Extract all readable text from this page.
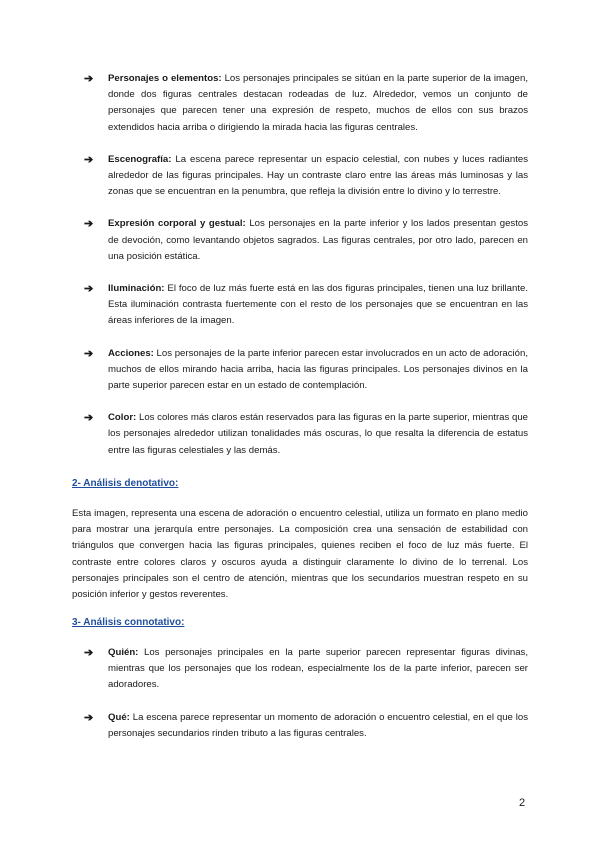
➔ Personajes o elementos: Los personajes principales se sitúan en la parte superior de la imagen, donde dos figuras centrales destacan rodeadas de luz. Alrededor, vemos un conjunto de personajes que parecen tener una expresión de respeto, muchos de ellos con sus brazos extendidos hacia arriba o dirigiendo la mirada hacia las figuras centrales.

➔ Escenografía: La escena parece representar un espacio celestial, con nubes y luces radiantes alrededor de las figuras principales. Hay un contraste claro entre las áreas más luminosas y las zonas que se encuentran en la penumbra, que refleja la división entre lo divino y lo terrestre.

➔ Expresión corporal y gestual: Los personajes en la parte inferior y los lados presentan gestos de devoción, como levantando objetos sagrados. Las figuras centrales, por otro lado, parecen en una posición estática.

➔ Iluminación: El foco de luz más fuerte está en las dos figuras principales, tienen una luz brillante. Esta iluminación contrasta fuertemente con el resto de los personajes que se encuentran en las áreas inferiores de la imagen.

➔ Acciones: Los personajes de la parte inferior parecen estar involucrados en un acto de adoración, muchos de ellos mirando hacia arriba, hacia las figuras principales. Los personajes divinos en la parte superior parecen estar en un estado de contemplación.

➔ Color: Los colores más claros están reservados para las figuras en la parte superior, mientras que los personajes alrededor utilizan tonalidades más oscuras, lo que resalta la diferencia de estatus entre las figuras celestiales y las demás.

2- Análisis denotativo:

Esta imagen, representa una escena de adoración o encuentro celestial, utiliza un formato en plano medio para mostrar una jerarquía entre personajes. La composición crea una sensación de estabilidad con triángulos que convergen hacia las figuras principales, quienes reciben el foco de luz más fuerte. El contraste entre colores claros y oscuros ayuda a distinguir claramente lo divino de lo terrenal. Los personajes principales son el centro de atención, mientras que los secundarios muestran respeto en su posición inferior y gestos reverentes.

3- Análisis connotativo:

➔ Quién: Los personajes principales en la parte superior parecen representar figuras divinas, mientras que los personajes que los rodean, especialmente los de la parte inferior, parecen ser adoradores.

➔ Qué: La escena parece representar un momento de adoración o encuentro celestial, en el que los personajes secundarios rinden tributo a las figuras centrales.

2
